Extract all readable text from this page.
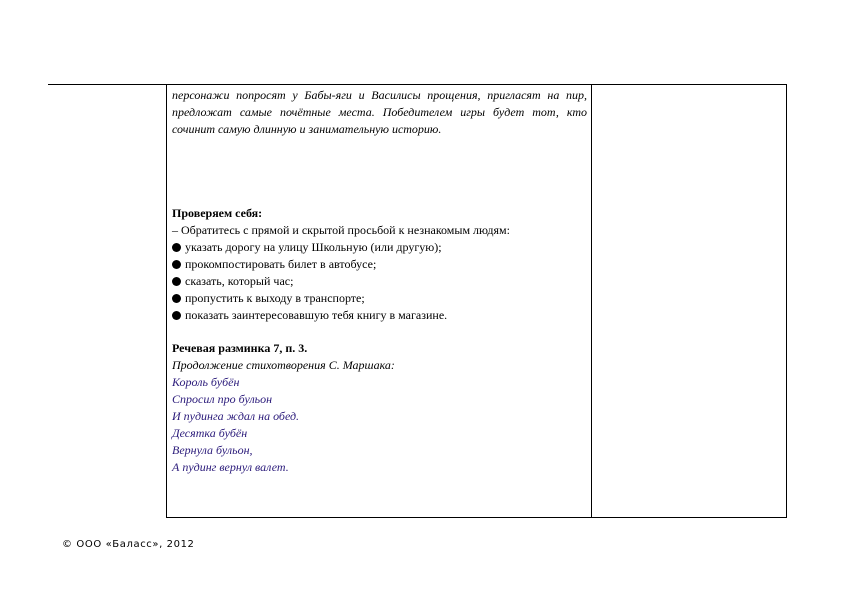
персонажи попросят у Бабы-яги и Василисы прощения, пригласят на пир, предложат самые почётные места. Победителем игры будет тот, кто сочинит самую длинную и занимательную историю.
Проверяем себя:
– Обратитесь с прямой и скрытой просьбой к незнакомым людям:
указать дорогу на улицу Школьную (или другую);
прокомпостировать билет в автобусе;
сказать, который час;
пропустить к выходу в транспорте;
показать заинтересовавшую тебя книгу в магазине.
Речевая разминка 7, п. 3.
Продолжение стихотворения С. Маршака:
Король бубён
Спросил про бульон
И пудинга ждал на обед.
Десятка бубён
Вернула бульон,
А пудинг вернул валет.

© ООО «Баласс», 2012
